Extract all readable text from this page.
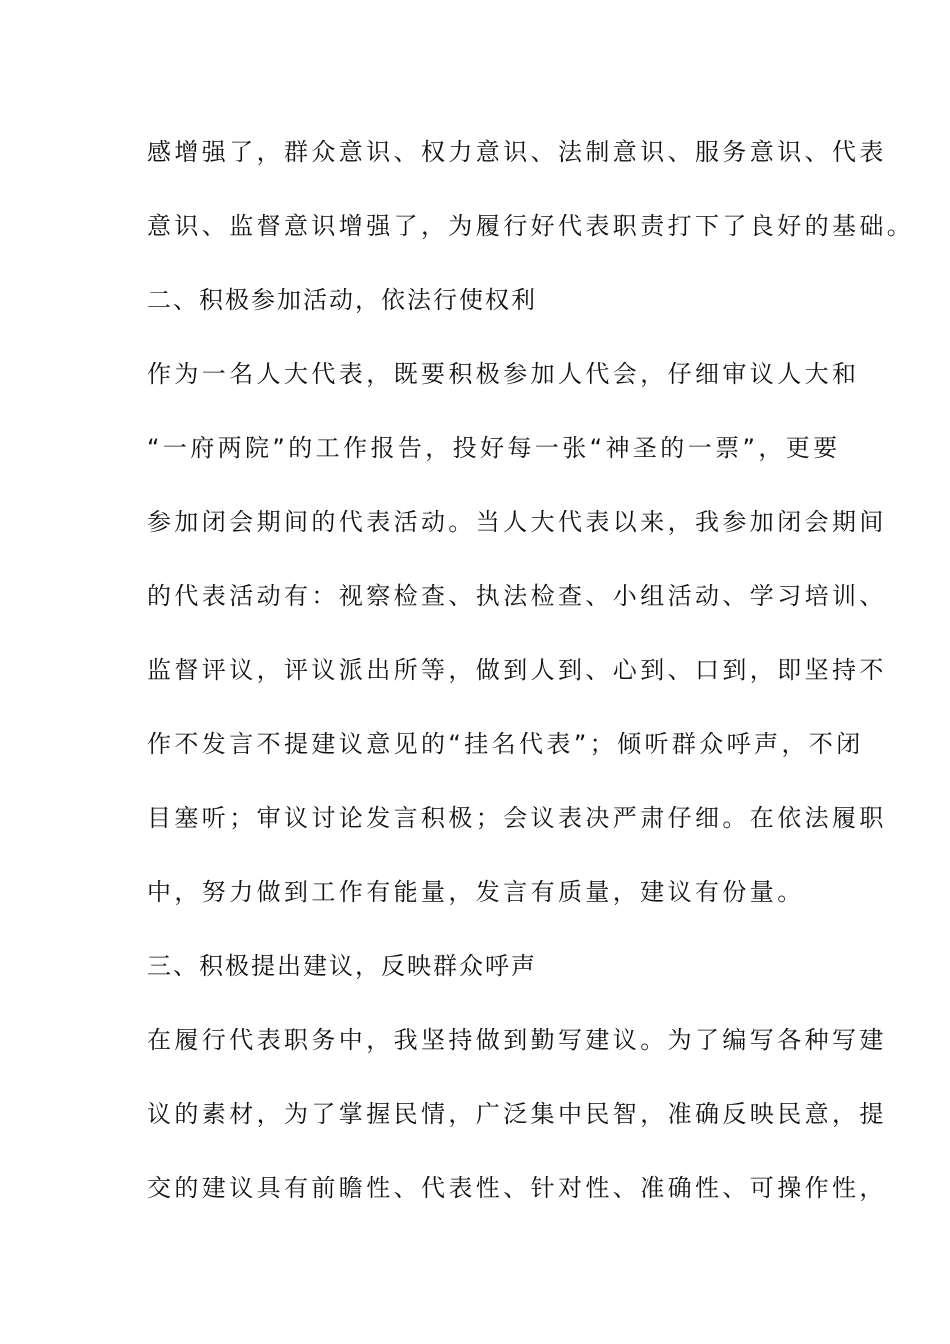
感增强了，群众意识、权力意识、法制意识、服务意识、代表
意识、监督意识增强了，为履行好代表职责打下了良好的基础。
二、积极参加活动，依法行使权利
作为一名人大代表，既要积极参加人代会，仔细审议人大和
“一府两院”的工作报告，投好每一张“神圣的一票”，更要
参加闭会期间的代表活动。当人大代表以来，我参加闭会期间
的代表活动有：视察检查、执法检查、小组活动、学习培训、
监督评议，评议派出所等，做到人到、心到、口到，即坚持不
作不发言不提建议意见的“挂名代表”；倾听群众呼声，不闭
目塞听；审议讨论发言积极；会议表决严肃仔细。在依法履职
中，努力做到工作有能量，发言有质量，建议有份量。
三、积极提出建议，反映群众呼声
在履行代表职务中，我坚持做到勤写建议。为了编写各种写建
议的素材，为了掌握民情，广泛集中民智，准确反映民意，提
交的建议具有前瞻性、代表性、针对性、准确性、可操作性，
